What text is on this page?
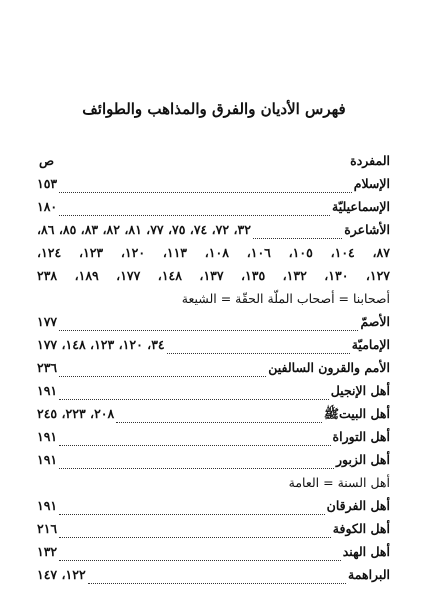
فهرس الأديان والفرق والمذاهب والطوائف
المفردة
ص
الإسلام
١٥٣
الإسماعيليّة
١٨٠
الأشاعرة
٣٢، ٧٢، ٧٤، ٧٥، ٧٧، ٨١، ٨٢، ٨٣، ٨٥، ٨٦،
٨٧، ١٠٤، ١٠٥، ١٠٦، ١٠٨، ١١٣، ١٢٠، ١٢٣، ١٢٤،
١٢٧، ١٣٠، ١٣٢، ١٣٥، ١٣٧، ١٤٨، ١٧٧، ١٨٩، ٢٣٨
أصحابنا = أصحاب الملّة الحقّة = الشيعة
الأصمّ
١٧٧
الإماميّة
٣٤، ١٢٠، ١٢٣، ١٤٨، ١٧٧
الأمم والقرون السالفين
٢٣٦
أهل الإنجيل
١٩١
أهل البيتﷺ
٢٠٨، ٢٢٣، ٢٤٥
أهل التوراة
١٩١
أهل الزبور
١٩١
أهل السنة = العامة
أهل الفرقان
١٩١
أهل الكوفة
٢١٦
أهل الهند
١٣٢
البراهمة
١٢٢، ١٤٧
